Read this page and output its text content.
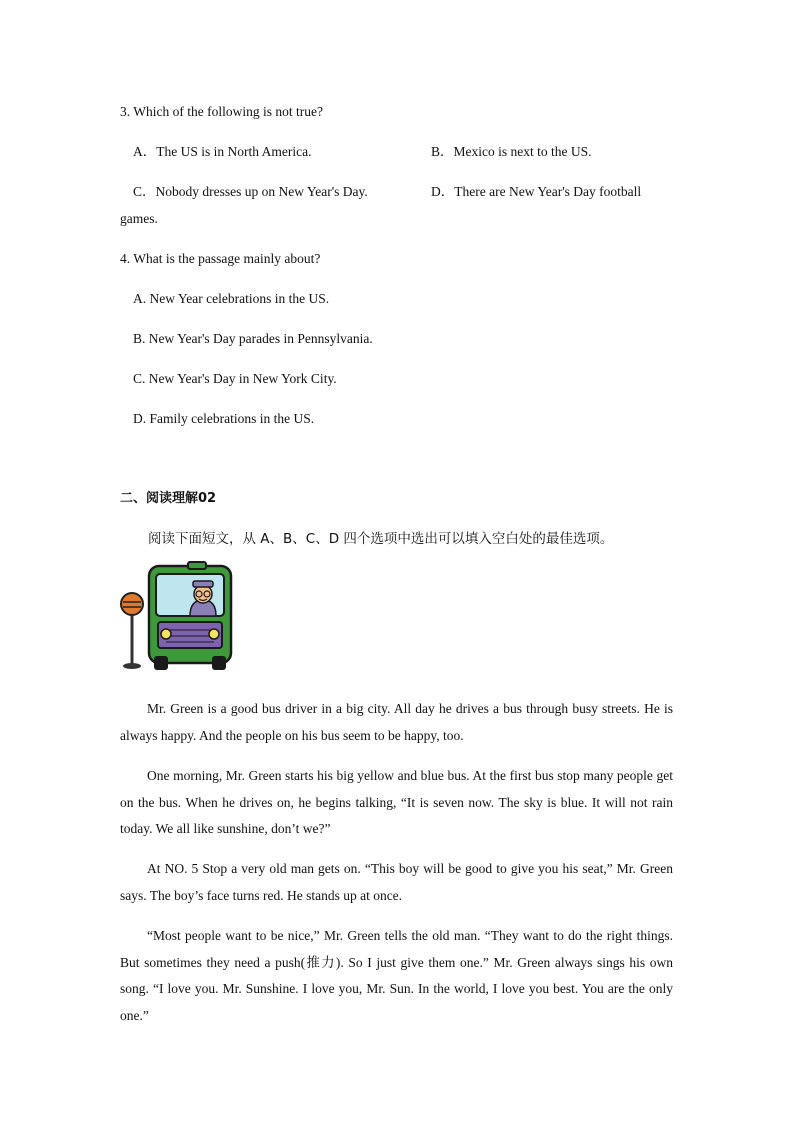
3. Which of the following is not true?
A．The US is in North America.	B．Mexico is next to the US.
C．Nobody dresses up on New Year's Day.	D．There are New Year's Day football
games.
4. What is the passage mainly about?
A. New Year celebrations in the US.
B. New Year's Day parades in Pennsylvania.
C. New Year's Day in New York City.
D. Family celebrations in the US.
二、阅读理解02
阅读下面短文，从 A、B、C、D 四个选项中选出可以填入空白处的最佳选项。
Mr. Green is a good bus driver in a big city. All day he drives a bus through busy streets. He is always happy. And the people on his bus seem to be happy, too.
One morning, Mr. Green starts his big yellow and blue bus. At the first bus stop many people get on the bus. When he drives on, he begins talking, “It is seven now. The sky is blue. It will not rain today. We all like sunshine, don’t we?”
At NO. 5 Stop a very old man gets on. “This boy will be good to give you his seat,” Mr. Green says. The boy’s face turns red. He stands up at once.
“Most people want to be nice,” Mr. Green tells the old man. “They want to do the right things. But sometimes they need a push(推力). So I just give them one.” Mr. Green always sings his own song. “I love you. Mr. Sunshine. I love you, Mr. Sun. In the world, I love you best. You are the only one.”
